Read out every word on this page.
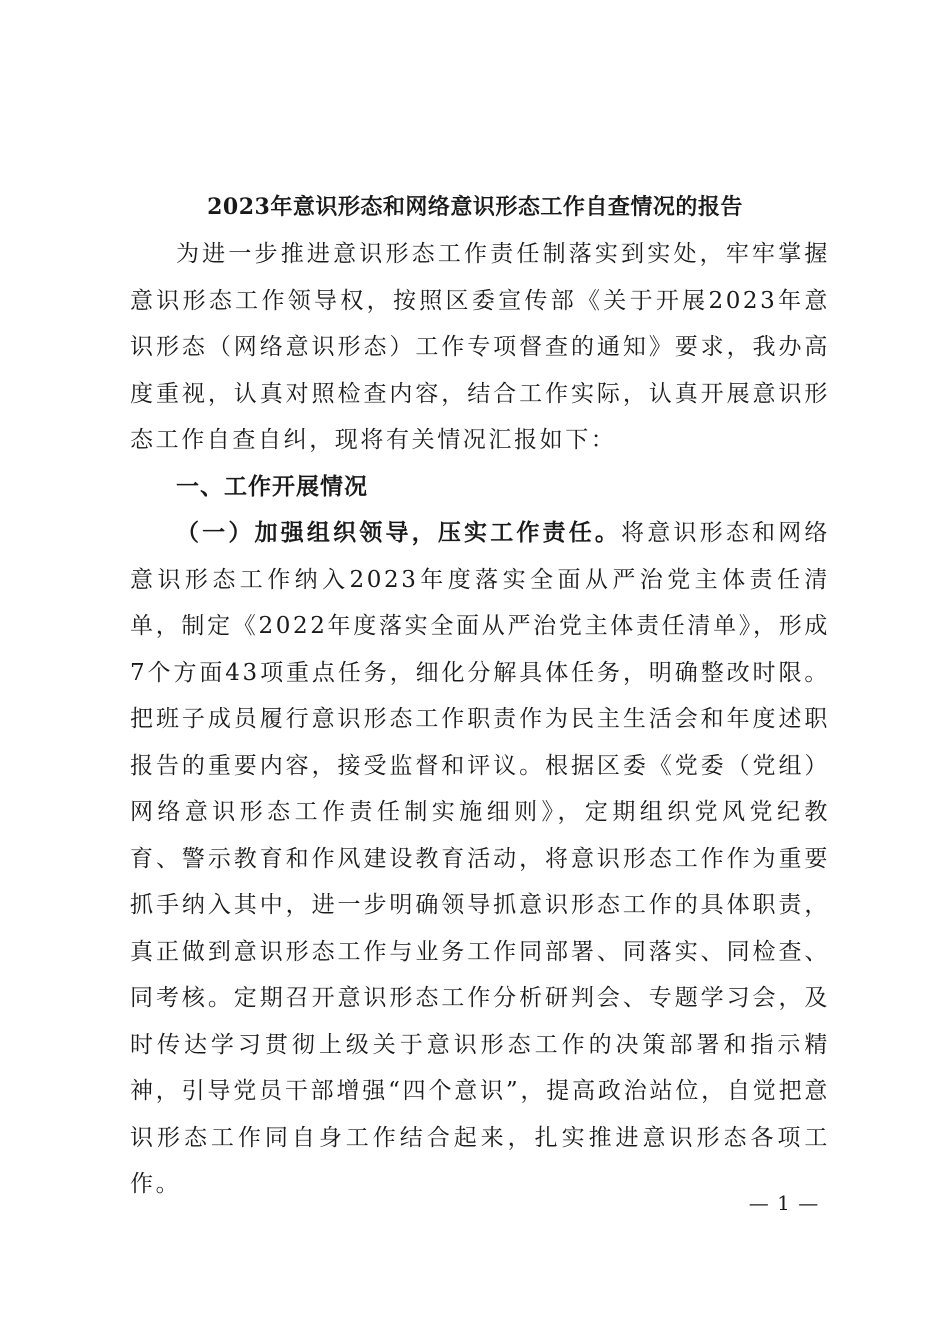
2023年意识形态和网络意识形态工作自查情况的报告

为进一步推进意识形态工作责任制落实到实处，牢牢掌握意识形态工作领导权，按照区委宣传部《关于开展2023年意识形态（网络意识形态）工作专项督查的通知》要求，我办高度重视，认真对照检查内容，结合工作实际，认真开展意识形态工作自查自纠，现将有关情况汇报如下：

一、工作开展情况

（一）加强组织领导，压实工作责任。将意识形态和网络意识形态工作纳入2023年度落实全面从严治党主体责任清单，制定《2022年度落实全面从严治党主体责任清单》，形成7个方面43项重点任务，细化分解具体任务，明确整改时限。把班子成员履行意识形态工作职责作为民主生活会和年度述职报告的重要内容，接受监督和评议。根据区委《党委（党组）网络意识形态工作责任制实施细则》，定期组织党风党纪教育、警示教育和作风建设教育活动，将意识形态工作作为重要抓手纳入其中，进一步明确领导抓意识形态工作的具体职责，真正做到意识形态工作与业务工作同部署、同落实、同检查、同考核。定期召开意识形态工作分析研判会、专题学习会，及时传达学习贯彻上级关于意识形态工作的决策部署和指示精神，引导党员干部增强“四个意识”，提高政治站位，自觉把意识形态工作同自身工作结合起来，扎实推进意识形态各项工作。

— 1 —
